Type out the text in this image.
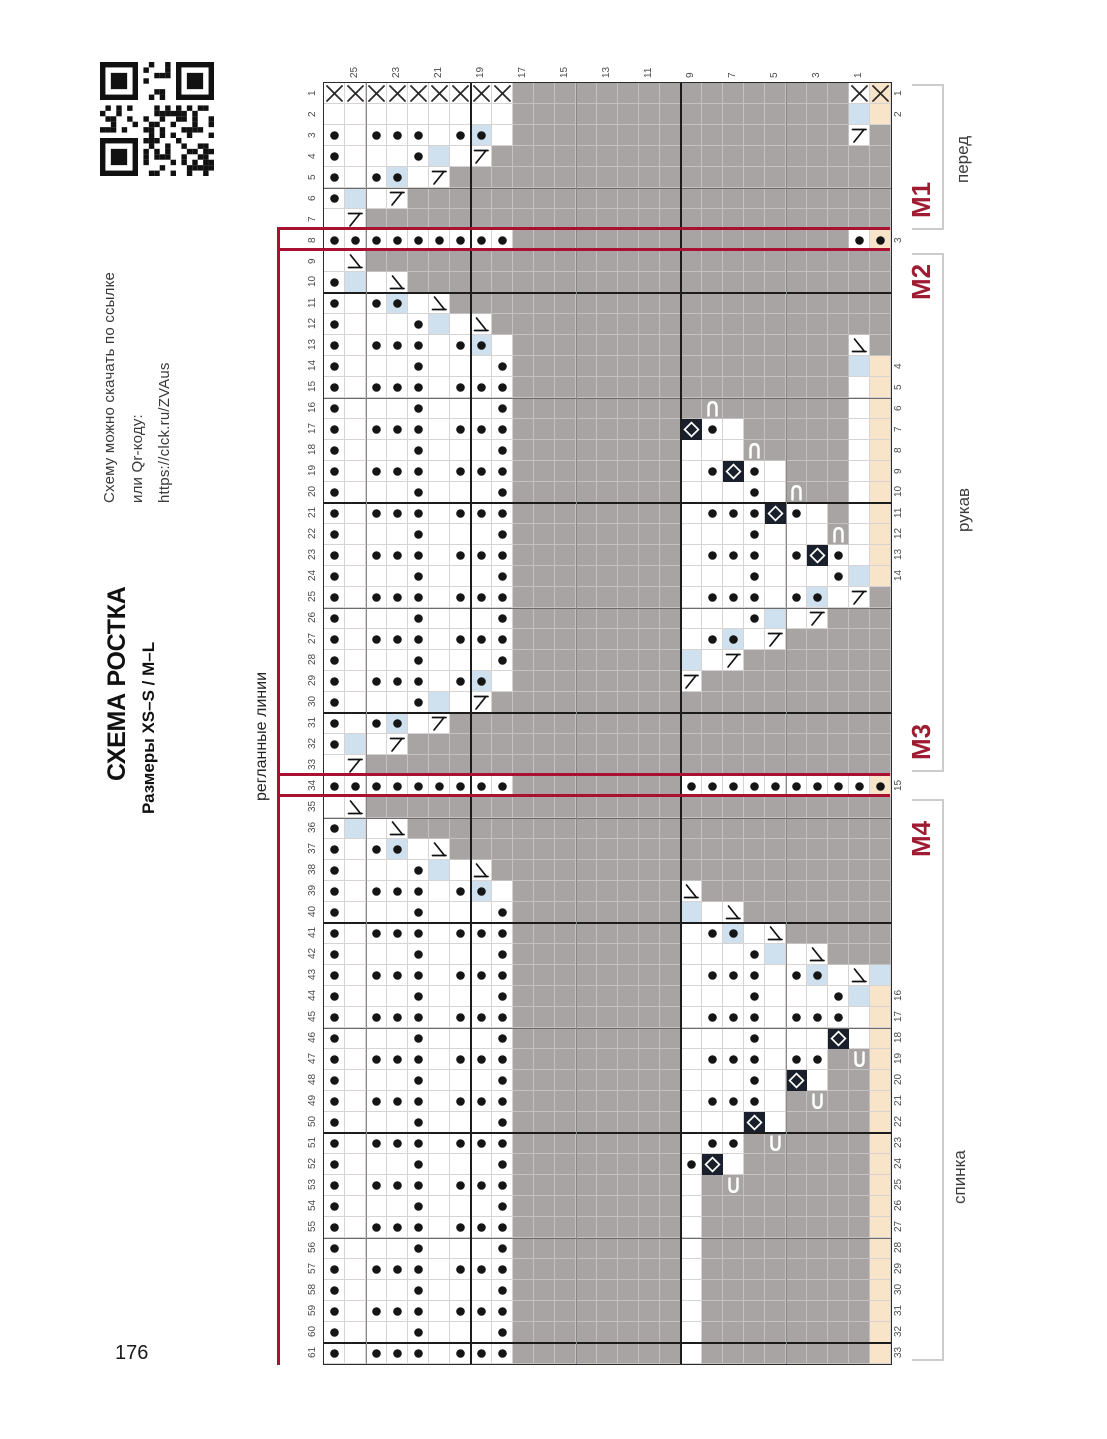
Схему можно скачать по ссылке или Qr-коду: https://clck.ru/ZVAus
СХЕМА РОСТКА Размеры XS–S / M–L	регланные линии
176
25	23	21	19	17	15	13	11	9	7	5	3	1
1
2
3
4
5
6
7
8
9
10
11
12
13
14
15
16
17
18
19
20
21
22
23
24
25
26
27
28
29
30
31
32
33
34
35
36
37
38
39
40
41
42
43
44
45
46
47
48
49
50
51
52
53
54
55
56
57
58
59
60
61
1
2
3
4
5
6
7
8
9
10
11
12
13
14
15
16
17
18
19
20
21
22
23
24
25
26
27
28
29
30
31
32
33
M1
M2
M3
M4
перед
рукав
спинка
